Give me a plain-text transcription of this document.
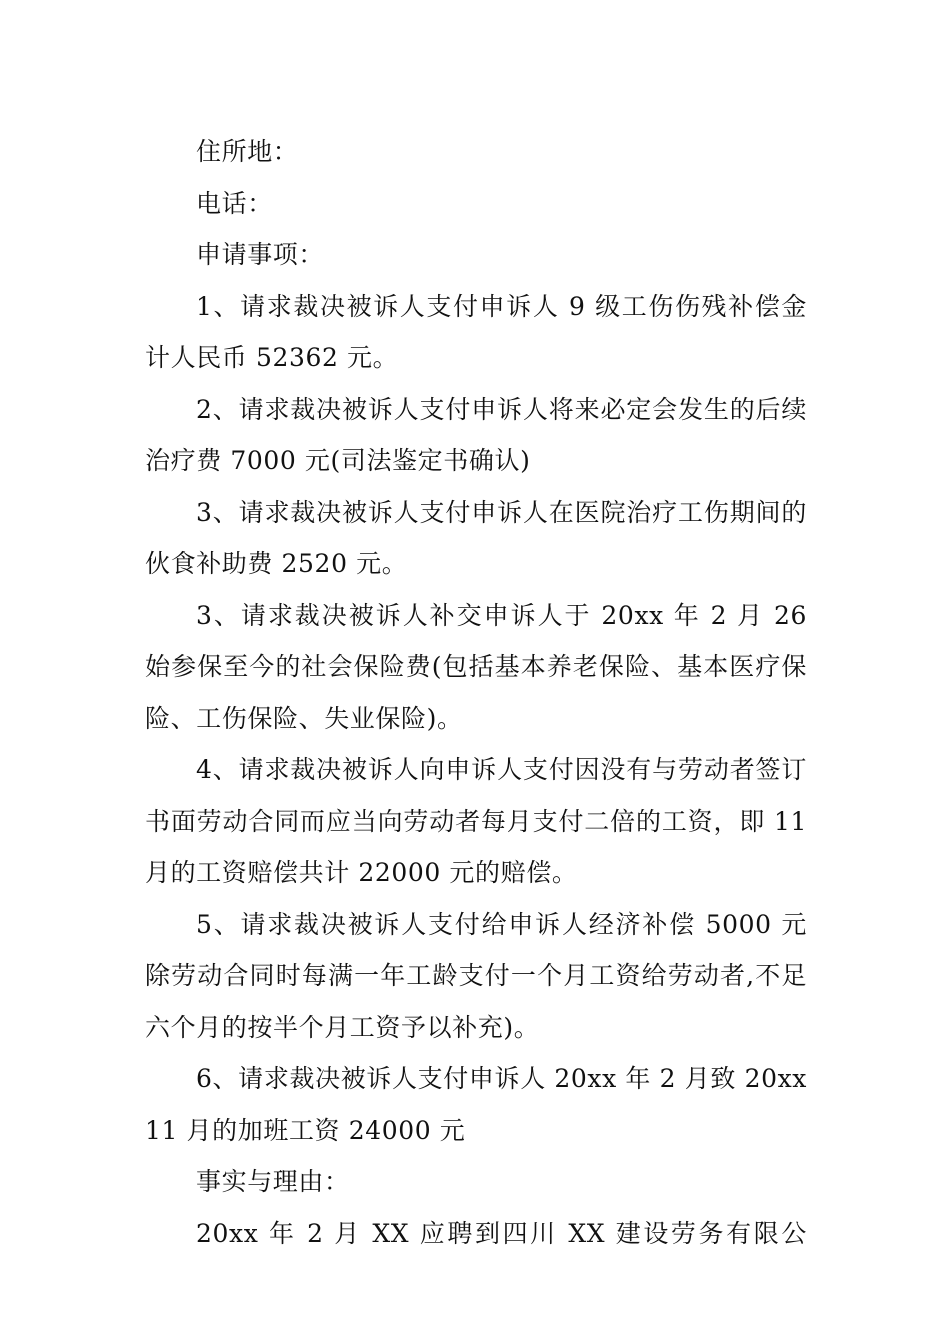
住所地：
电话：
申请事项：
1、请求裁决被诉人支付申诉人 9 级工伤伤残补偿金
计人民币 52362 元。
2、请求裁决被诉人支付申诉人将来必定会发生的后续
治疗费 7000 元(司法鉴定书确认)
3、请求裁决被诉人支付申诉人在医院治疗工伤期间的
伙食补助费 2520 元。
3、请求裁决被诉人补交申诉人于 20xx 年 2 月 26
始参保至今的社会保险费(包括基本养老保险、基本医疗保
险、工伤保险、失业保险)。
4、请求裁决被诉人向申诉人支付因没有与劳动者签订
书面劳动合同而应当向劳动者每月支付二倍的工资，即 11
月的工资赔偿共计 22000 元的赔偿。
5、请求裁决被诉人支付给申诉人经济补偿 5000 元
除劳动合同时每满一年工龄支付一个月工资给劳动者,不足
六个月的按半个月工资予以补充)。
6、请求裁决被诉人支付申诉人 20xx 年 2 月致 20xx
11 月的加班工资 24000 元
事实与理由：
20xx 年 2 月 XX 应聘到四川 XX 建设劳务有限公
